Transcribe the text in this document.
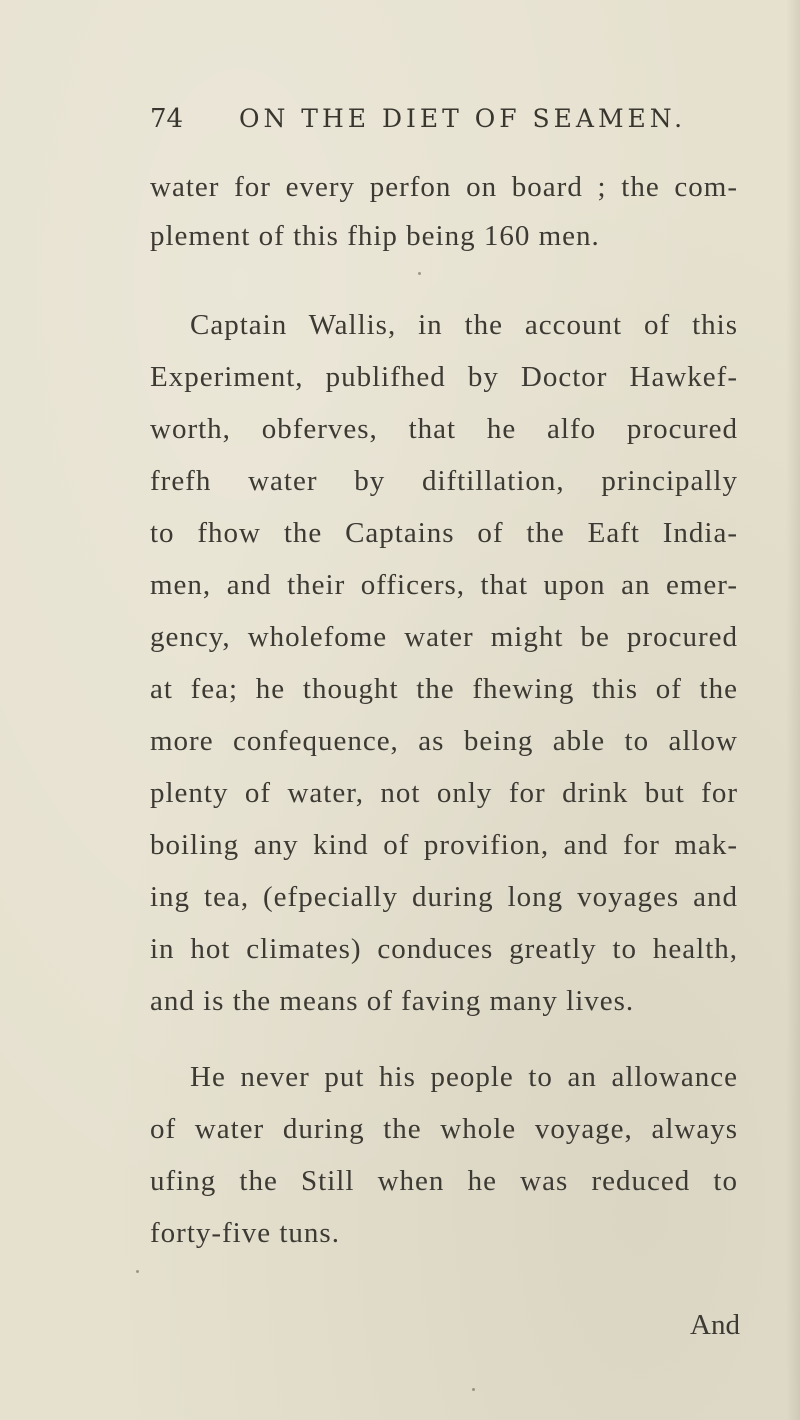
74 ON THE DIET OF SEAMEN.
water for every perfon on board ; the com-
plement of this fhip being 160 men.
Captain Wallis, in the account of this
Experiment, publifhed by Doctor Hawkef-
worth, obferves, that he alfo procured
frefh water by diftillation, principally
to fhow the Captains of the Eaft India-
men, and their officers, that upon an emer-
gency, wholefome water might be procured
at fea; he thought the fhewing this of the
more confequence, as being able to allow
plenty of water, not only for drink but for
boiling any kind of provifion, and for mak-
ing tea, (efpecially during long voyages and
in hot climates) conduces greatly to health,
and is the means of faving many lives.
He never put his people to an allowance
of water during the whole voyage, always
ufing the Still when he was reduced to
forty-five tuns.
And
